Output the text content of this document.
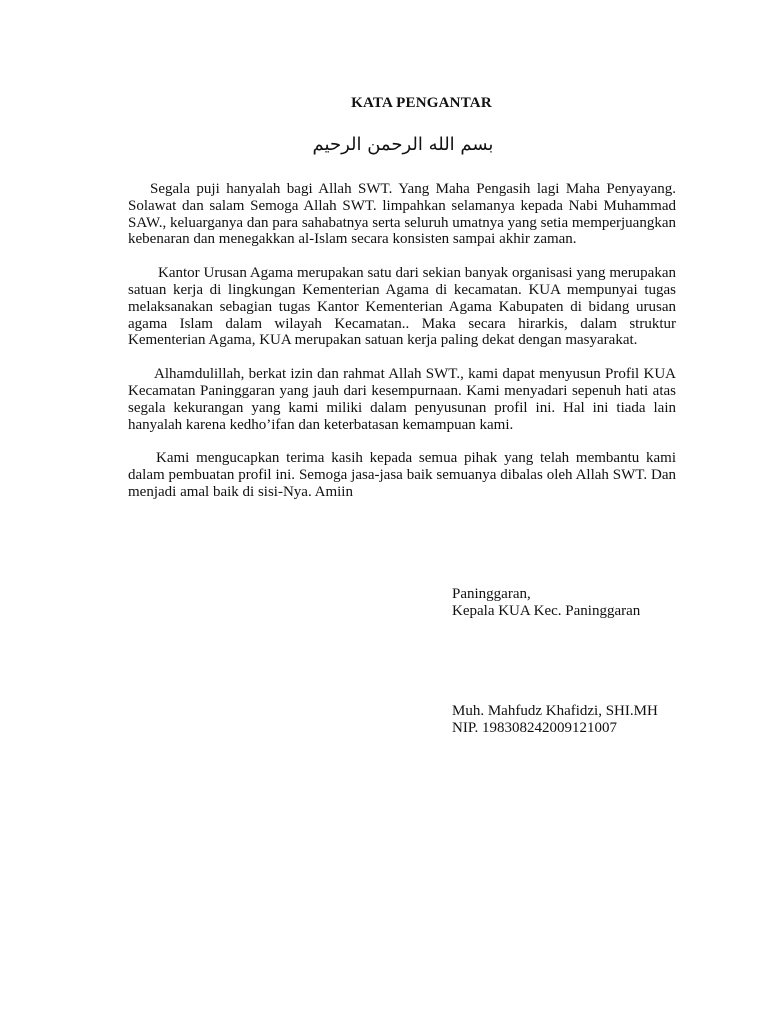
KATA PENGANTAR
بسم الله الرحمن الرحيم

Segala puji hanyalah bagi Allah SWT. Yang Maha Pengasih lagi Maha Penyayang. Solawat dan salam Semoga Allah SWT. limpahkan selamanya kepada Nabi Muhammad SAW., keluarganya dan para sahabatnya serta seluruh umatnya yang setia memperjuangkan kebenaran dan menegakkan al-Islam secara konsisten sampai akhir zaman.

Kantor Urusan Agama merupakan satu dari sekian banyak organisasi yang merupakan satuan kerja di lingkungan Kementerian Agama di kecamatan. KUA mempunyai tugas melaksanakan sebagian tugas Kantor Kementerian Agama Kabupaten di bidang urusan agama Islam dalam wilayah Kecamatan.. Maka secara hirarkis, dalam struktur Kementerian Agama, KUA merupakan satuan kerja paling dekat dengan masyarakat.

Alhamdulillah, berkat izin dan rahmat Allah SWT., kami dapat menyusun Profil KUA Kecamatan Paninggaran yang jauh dari kesempurnaan. Kami menyadari sepenuh hati atas segala kekurangan yang kami miliki dalam penyusunan profil ini. Hal ini tiada lain hanyalah karena kedho’ifan dan keterbatasan kemampuan kami.

Kami mengucapkan terima kasih kepada semua pihak yang telah membantu kami dalam pembuatan profil ini. Semoga jasa-jasa baik semuanya dibalas oleh Allah SWT. Dan menjadi amal baik di sisi-Nya. Amiin

Paninggaran,
Kepala KUA Kec. Paninggaran
Muh. Mahfudz Khafidzi, SHI.MH
NIP. 198308242009121007
